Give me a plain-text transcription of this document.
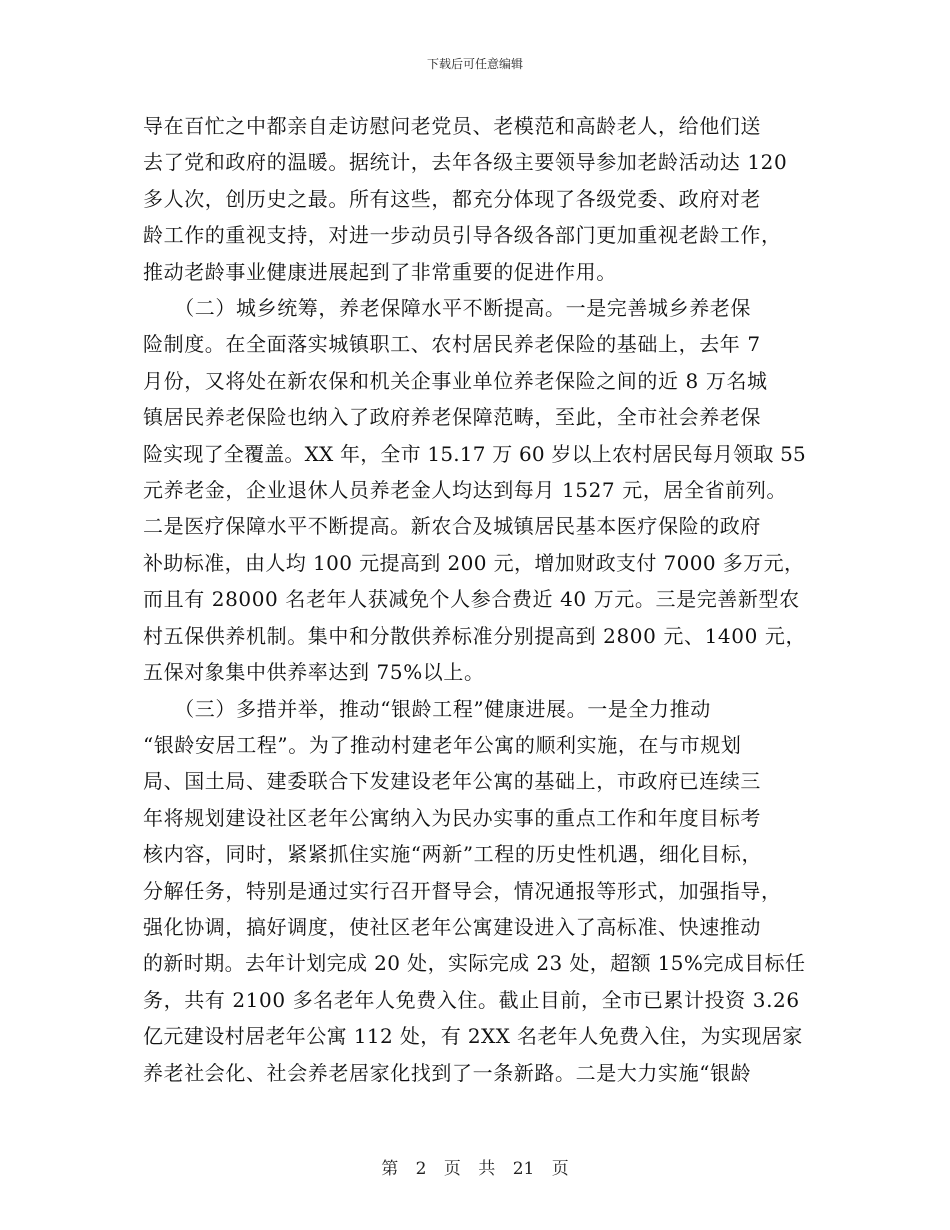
下载后可任意编辑

导在百忙之中都亲自走访慰问老党员、老模范和高龄老人，给他们送

去了党和政府的温暖。据统计，去年各级主要领导参加老龄活动达 120

多人次，创历史之最。所有这些，都充分体现了各级党委、政府对老

龄工作的重视支持，对进一步动员引导各级各部门更加重视老龄工作，

推动老龄事业健康进展起到了非常重要的促进作用。

　　（二）城乡统筹，养老保障水平不断提高。一是完善城乡养老保

险制度。在全面落实城镇职工、农村居民养老保险的基础上，去年 7

月份，又将处在新农保和机关企事业单位养老保险之间的近 8 万名城

镇居民养老保险也纳入了政府养老保障范畴，至此，全市社会养老保

险实现了全覆盖。XX 年，全市 15.17 万 60 岁以上农村居民每月领取 55

元养老金，企业退休人员养老金人均达到每月 1527 元，居全省前列。

二是医疗保障水平不断提高。新农合及城镇居民基本医疗保险的政府

补助标准，由人均 100 元提高到 200 元，增加财政支付 7000 多万元，

而且有 28000 名老年人获减免个人参合费近 40 万元。三是完善新型农

村五保供养机制。集中和分散供养标准分别提高到 2800 元、1400 元，

五保对象集中供养率达到 75%以上。

　　（三）多措并举，推动“银龄工程”健康进展。一是全力推动

“银龄安居工程”。为了推动村建老年公寓的顺利实施，在与市规划

局、国土局、建委联合下发建设老年公寓的基础上，市政府已连续三

年将规划建设社区老年公寓纳入为民办实事的重点工作和年度目标考

核内容，同时，紧紧抓住实施“两新”工程的历史性机遇，细化目标，

分解任务，特别是通过实行召开督导会，情况通报等形式，加强指导，

强化协调，搞好调度，使社区老年公寓建设进入了高标准、快速推动

的新时期。去年计划完成 20 处，实际完成 23 处，超额 15%完成目标任

务，共有 2100 多名老年人免费入住。截止目前，全市已累计投资 3.26

亿元建设村居老年公寓 112 处，有 2XX 名老年人免费入住，为实现居家

养老社会化、社会养老居家化找到了一条新路。二是大力实施“银龄

第 2 页 共 21 页
